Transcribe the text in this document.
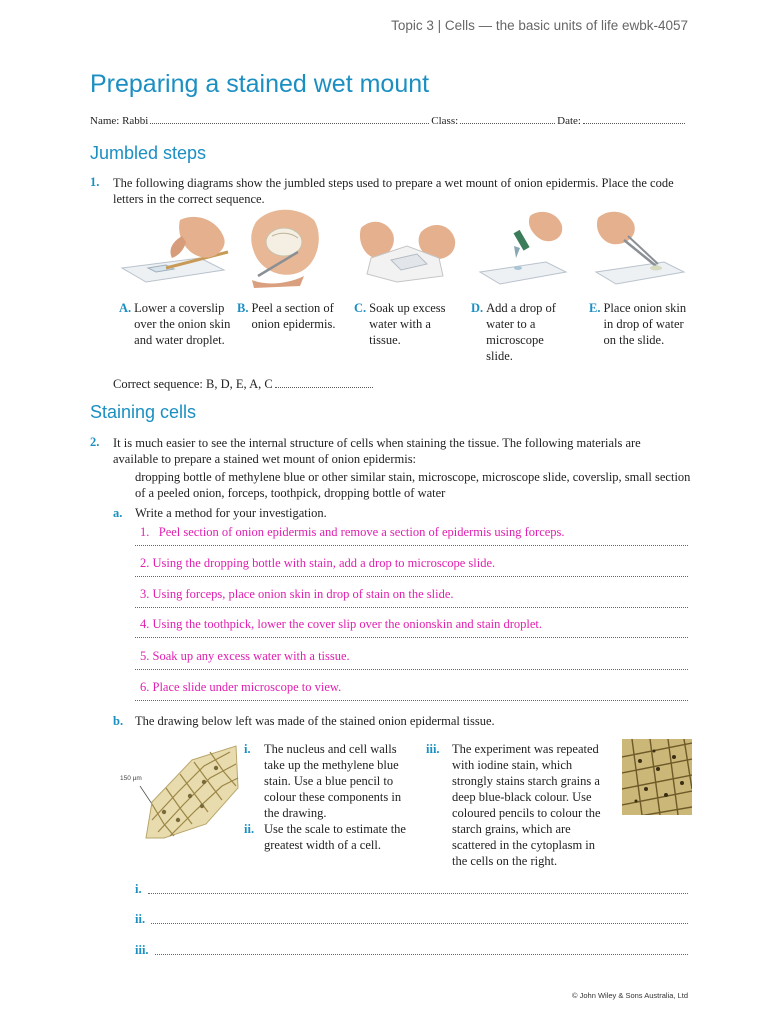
Topic 3 | Cells — the basic units of life ewbk-4057
Preparing a stained wet mount
Name: Rabbi	Class:	Date:
Jumbled steps
1. The following diagrams show the jumbled steps used to prepare a wet mount of onion epidermis. Place the code letters in the correct sequence.
A. Lower a coverslip over the onion skin and water droplet.
B. Peel a section of onion epidermis.
C. Soak up excess water with a tissue.
D. Add a drop of water to a microscope slide.
E. Place onion skin in drop of water on the slide.
Correct sequence: B, D, E, A, C
Staining cells
2. It is much easier to see the internal structure of cells when staining the tissue. The following materials are available to prepare a stained wet mount of onion epidermis:
dropping bottle of methylene blue or other similar stain, microscope, microscope slide, coverslip, small section of a peeled onion, forceps, toothpick, dropping bottle of water
a. Write a method for your investigation.
1.   Peel section of onion epidermis and remove a section of epidermis using forceps.
2. Using the dropping bottle with stain, add a drop to microscope slide.
3. Using forceps, place onion skin in drop of stain on the slide.
4. Using the toothpick, lower the cover slip over the onionskin and stain droplet.
5. Soak up any excess water with a tissue.
6. Place slide under microscope to view.
b. The drawing below left was made of the stained onion epidermal tissue.
150 µm
i.	The nucleus and cell walls take up the methylene blue stain. Use a blue pencil to colour these components in the drawing.
ii. Use the scale to estimate the greatest width of a cell.
iii. The experiment was repeated with iodine stain, which strongly stains starch grains a deep blue-black colour. Use coloured pencils to colour the starch grains, which are scattered in the cytoplasm in the cells on the right.
i.
ii.
iii.
© John Wiley & Sons Australia, Ltd
